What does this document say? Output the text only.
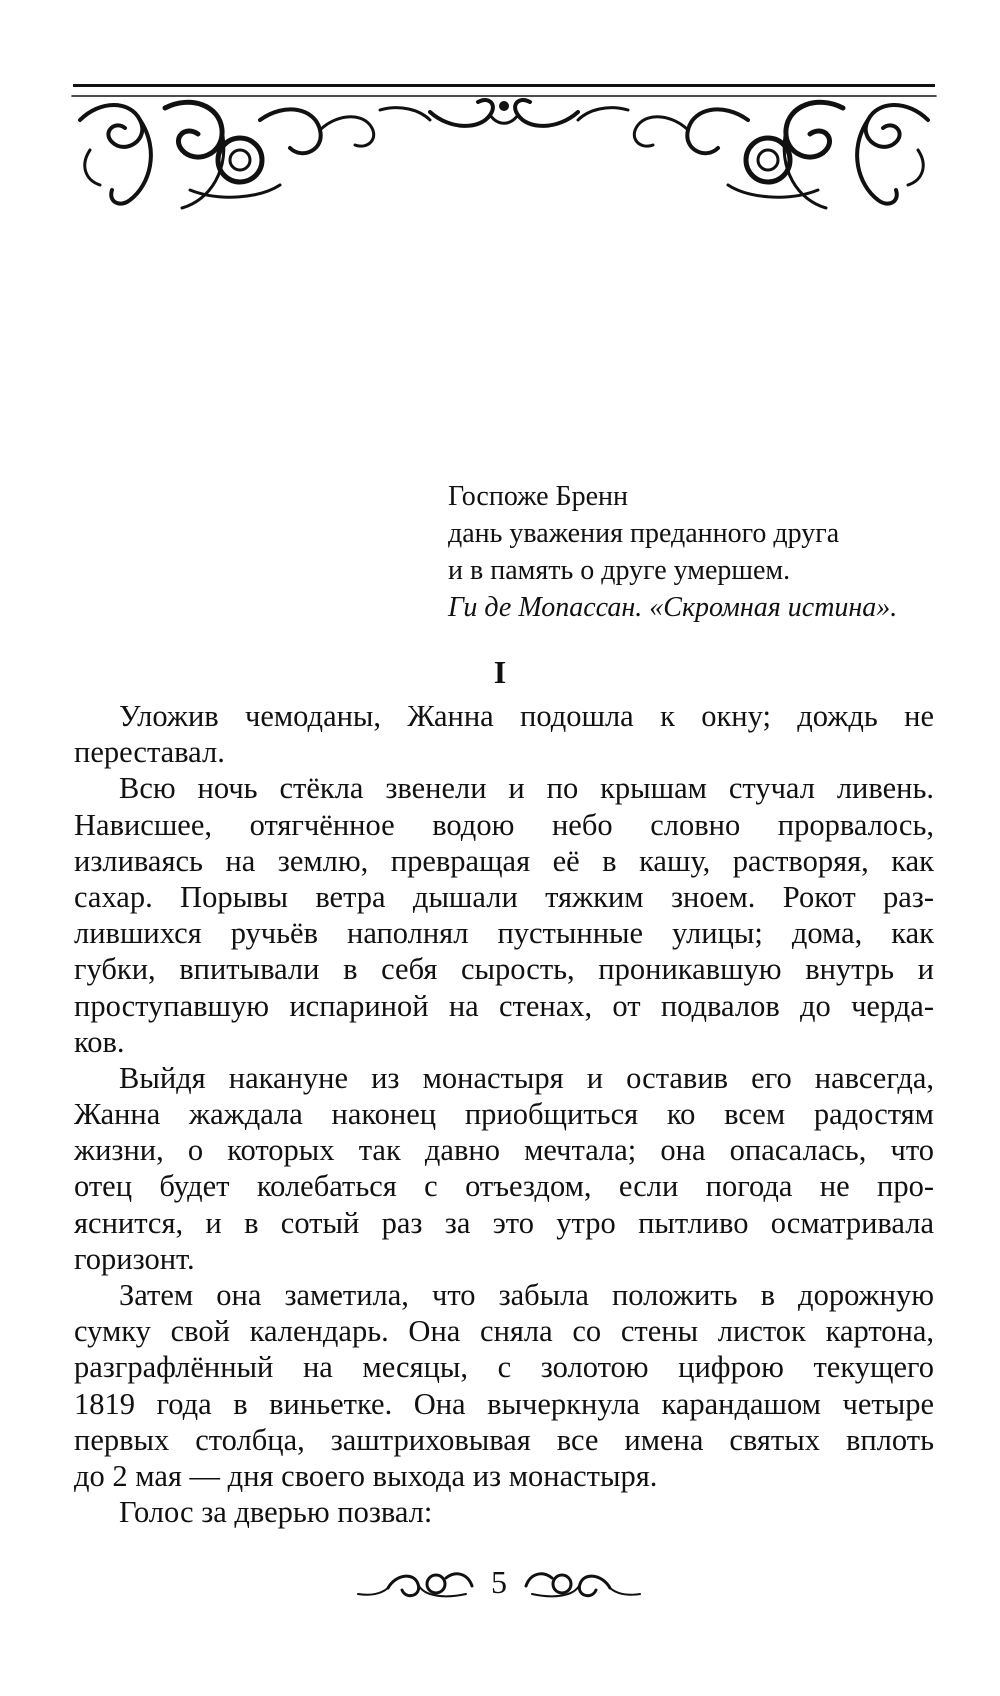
Госпоже Бренн
дань уважения преданного друга
и в память о друге умершем.
Ги де Мопассан. «Скромная истина».
I
Уложив чемоданы, Жанна подошла к окну; дождь не
переставал.
Всю ночь стёкла звенели и по крышам стучал ливень.
Нависшее, отягчённое водою небо словно прорвалось,
изливаясь на землю, превращая её в кашу, растворяя, как
сахар. Порывы ветра дышали тяжким зноем. Рокот раз-
лившихся ручьёв наполнял пустынные улицы; дома, как
губки, впитывали в себя сырость, проникавшую внутрь и
проступавшую испариной на стенах, от подвалов до черда-
ков.
Выйдя накануне из монастыря и оставив его навсегда,
Жанна жаждала наконец приобщиться ко всем радостям
жизни, о которых так давно мечтала; она опасалась, что
отец будет колебаться с отъездом, если погода не про-
яснится, и в сотый раз за это утро пытливо осматривала
горизонт.
Затем она заметила, что забыла положить в дорожную
сумку свой календарь. Она сняла со стены листок картона,
разграфлённый на месяцы, с золотою цифрою текущего
1819 года в виньетке. Она вычеркнула карандашом четыре
первых столбца, заштриховывая все имена святых вплоть
до 2 мая — дня своего выхода из монастыря.
Голос за дверью позвал:
5
